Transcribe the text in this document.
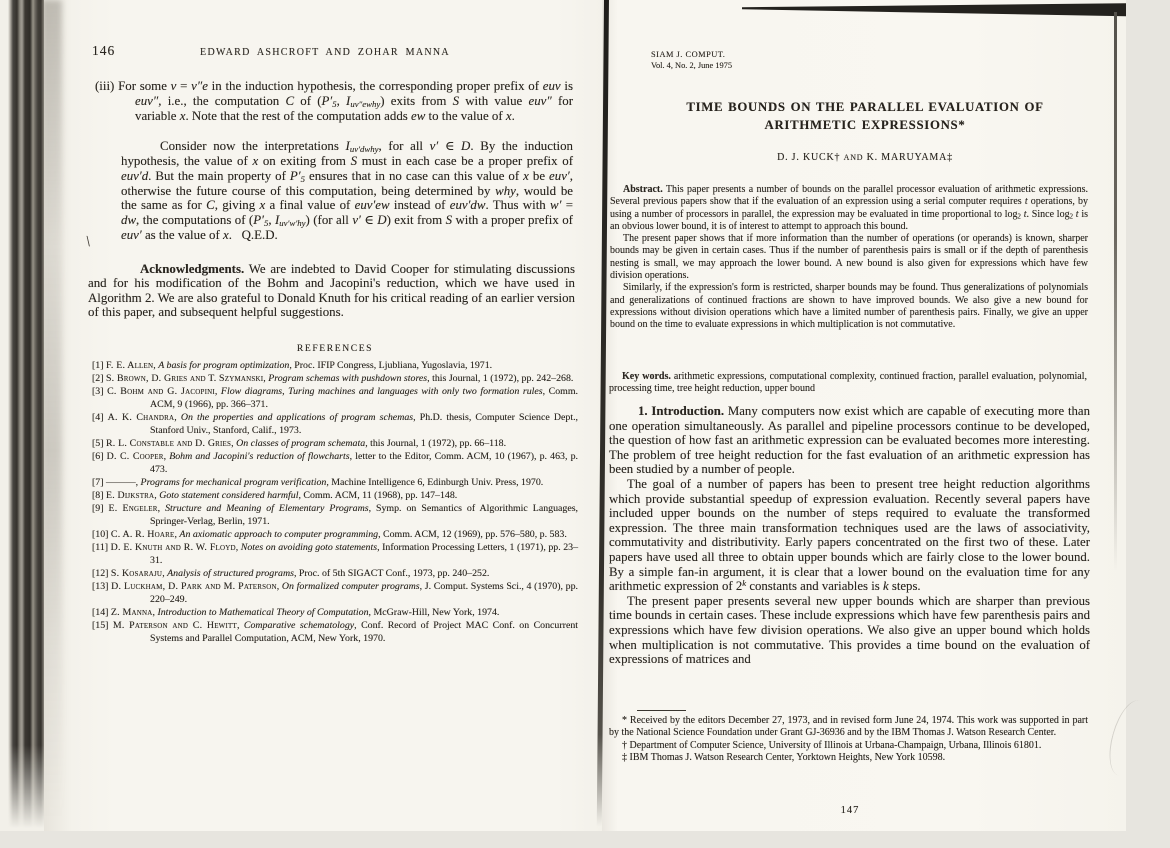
\
146	EDWARD ASHCROFT AND ZOHAR MANNA
(iii) For some v = v″e in the induction hypothesis, the corresponding proper prefix of euv is euv″, i.e., the computation C of ($P'_5$, $I_{uv''ewhy}$) exits from S with value euv″ for variable x. Note that the rest of the computation adds ew to the value of x.
Consider now the interpretations $I_{uv'dwhy}$, for all v′ ∈ D. By the induction hypothesis, the value of x on exiting from S must in each case be a proper prefix of euv′d. But the main property of $P'_5$ ensures that in no case can this value of x be euv′, otherwise the future course of this computation, being determined by why, would be the same as for C, giving x a final value of euv′ew instead of euv′dw. Thus with w′ = dw, the computations of ($P'_5$, $I_{uv'w'hy}$) (for all v′ ∈ D) exit from S with a proper prefix of euv′ as the value of x.   Q.E.D.
Acknowledgments. We are indebted to David Cooper for stimulating discussions and for his modification of the Bohm and Jacopini's reduction, which we have used in Algorithm 2. We are also grateful to Donald Knuth for his critical reading of an earlier version of this paper, and subsequent helpful suggestions.
REFERENCES
[1] F. E. Allen, A basis for program optimization, Proc. IFIP Congress, Ljubliana, Yugoslavia, 1971.
[2] S. Brown, D. Gries and T. Szymanski, Program schemas with pushdown stores, this Journal, 1 (1972), pp. 242–268.
[3] C. Bohm and G. Jacopini, Flow diagrams, Turing machines and languages with only two formation rules, Comm. ACM, 9 (1966), pp. 366–371.
[4] A. K. Chandra, On the properties and applications of program schemas, Ph.D. thesis, Computer Science Dept., Stanford Univ., Stanford, Calif., 1973.
[5] R. L. Constable and D. Gries, On classes of program schemata, this Journal, 1 (1972), pp. 66–118.
[6] D. C. Cooper, Bohm and Jacopini's reduction of flowcharts, letter to the Editor, Comm. ACM, 10 (1967), p. 463, p. 473.
[7] ———, Programs for mechanical program verification, Machine Intelligence 6, Edinburgh Univ. Press, 1970.
[8] E. Dijkstra, Goto statement considered harmful, Comm. ACM, 11 (1968), pp. 147–148.
[9] E. Engeler, Structure and Meaning of Elementary Programs, Symp. on Semantics of Algorithmic Languages, Springer-Verlag, Berlin, 1971.
[10] C. A. R. Hoare, An axiomatic approach to computer programming, Comm. ACM, 12 (1969), pp. 576–580, p. 583.
[11] D. E. Knuth and R. W. Floyd, Notes on avoiding goto statements, Information Processing Letters, 1 (1971), pp. 23–31.
[12] S. Kosaraju, Analysis of structured programs, Proc. of 5th SIGACT Conf., 1973, pp. 240–252.
[13] D. Luckham, D. Park and M. Paterson, On formalized computer programs, J. Comput. Systems Sci., 4 (1970), pp. 220–249.
[14] Z. Manna, Introduction to Mathematical Theory of Computation, McGraw-Hill, New York, 1974.
[15] M. Paterson and C. Hewitt, Comparative schematology, Conf. Record of Project MAC Conf. on Concurrent Systems and Parallel Computation, ACM, New York, 1970.
SIAM J. COMPUT.
Vol. 4, No. 2, June 1975
TIME BOUNDS ON THE PARALLEL EVALUATION OF
ARITHMETIC EXPRESSIONS*
D. J. KUCK† AND K. MARUYAMA‡
Abstract. This paper presents a number of bounds on the parallel processor evaluation of arithmetic expressions. Several previous papers show that if the evaluation of an expression using a serial computer requires t operations, by using a number of processors in parallel, the expression may be evaluated in time proportional to $\log_2 t$. Since $\log_2 t$ is an obvious lower bound, it is of interest to attempt to approach this bound.
The present paper shows that if more information than the number of operations (or operands) is known, sharper bounds may be given in certain cases. Thus if the number of parenthesis pairs is small or if the depth of parenthesis nesting is small, we may approach the lower bound. A new bound is also given for expressions which have few division operations.
Similarly, if the expression's form is restricted, sharper bounds may be found. Thus generalizations of polynomials and generalizations of continued fractions are shown to have improved bounds. We also give a new bound for expressions without division operations which have a limited number of parenthesis pairs. Finally, we give an upper bound on the time to evaluate expressions in which multiplication is not commutative.
Key words. arithmetic expressions, computational complexity, continued fraction, parallel evaluation, polynomial, processing time, tree height reduction, upper bound
1. Introduction. Many computers now exist which are capable of executing more than one operation simultaneously. As parallel and pipeline processors continue to be developed, the question of how fast an arithmetic expression can be evaluated becomes more interesting. The problem of tree height reduction for the fast evaluation of an arithmetic expression has been studied by a number of people.
The goal of a number of papers has been to present tree height reduction algorithms which provide substantial speedup of expression evaluation. Recently several papers have included upper bounds on the number of steps required to evaluate the transformed expression. The three main transformation techniques used are the laws of associativity, commutativity and distributivity. Early papers concentrated on the first two of these. Later papers have used all three to obtain upper bounds which are fairly close to the lower bound. By a simple fan-in argument, it is clear that a lower bound on the evaluation time for any arithmetic expression of 2$^k$ constants and variables is k steps.
The present paper presents several new upper bounds which are sharper than previous time bounds in certain cases. These include expressions which have few parenthesis pairs and expressions which have few division operations. We also give an upper bound which holds when multiplication is not commutative. This provides a time bound on the evaluation of expressions of matrices and
* Received by the editors December 27, 1973, and in revised form June 24, 1974. This work was supported in part by the National Science Foundation under Grant GJ-36936 and by the IBM Thomas J. Watson Research Center.
† Department of Computer Science, University of Illinois at Urbana-Champaign, Urbana, Illinois 61801.
‡ IBM Thomas J. Watson Research Center, Yorktown Heights, New York 10598.
147
